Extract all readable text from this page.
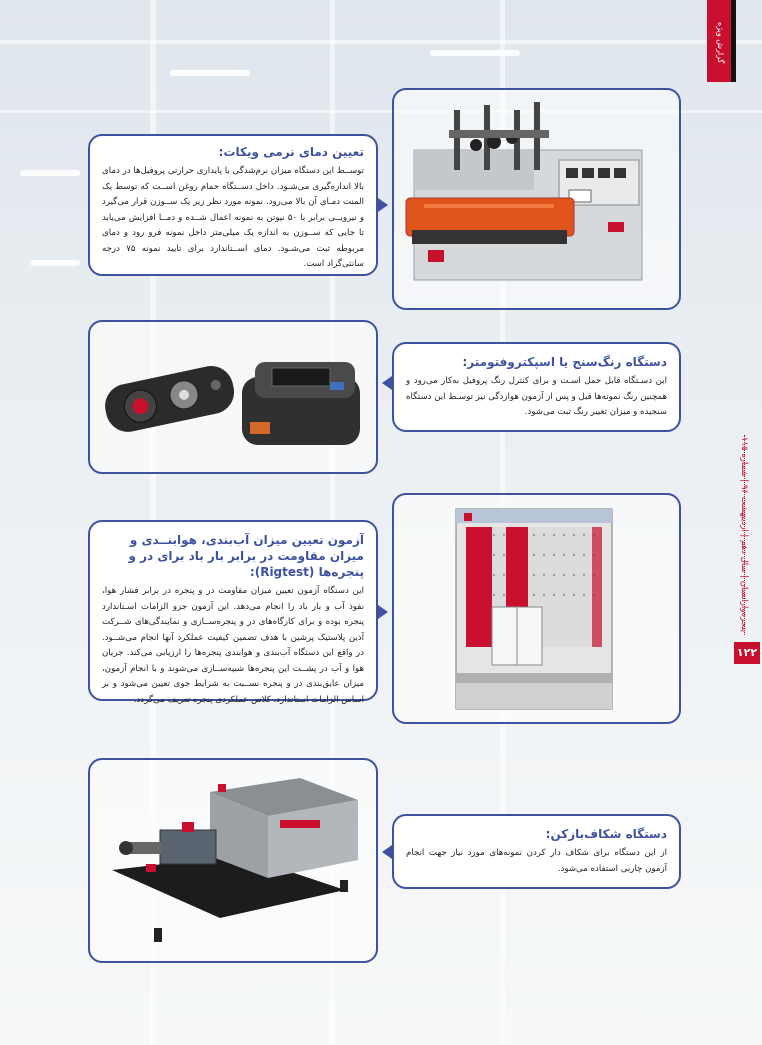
گزارش ویژه
پنجره‌وارانسان | سال دهم | اردیبهشت ۹۶ | شماره ۱۱۵
۱۲۲
تعیین دمای نرمی ویکات:
توســط این دستگاه میزان نرم‌شدگی یا پایداری حرارتی پروفیل‌ها در دمای بالا اندازه‌گیری می‌شـود. داخل دســتگاه حمام روغن اســت که توسط یک المنت دمـای آن بالا می‌رود. نمونه مورد نظر زیر یک ســوزن قرار می‌گیرد و نیرویــی برابر با ۵۰ نیوتن به نمونه اعمال شــده و دمــا افزایش می‌یابد تا جایی که ســوزن به اندازه یک میلی‌متر داخل نمونه فرو رود و دمای مربوطه ثبت می‌شـود. دمای اســتاندارد برای تایید نمونه ۷۵ درجه سانتی‌گراد است.
دستگاه رنگ‌سنج یا اسپکتروفتومتر:
این دسـتگاه قابل حمل اسـت و برای کنترل رنگ پروفیل به‌کار می‌رود و همچنین رنگ نمونه‌ها قبل و پس از آزمون هوازدگی نیز توسـط این دستگاه سنجیده و میزان تغییر رنگ ثبت می‌شود.
آزمون تعیین میزان آب‌بندی، هوابنــدی و میزان مقاومت در برابر بار باد برای در و پنجره‌ها (Rigtest):
این دستگاه آزمون تعیین میزان مقاومت در و پنجره در برابر فشار هوا، نفوذ آب و بار باد را انجام می‌دهد. این آزمون جزو الزامات اسـتاندارد پنجره بوده و برای کارگاه‌های در و پنجره‌ســازی و نمایندگی‌های شــرکت آذین پلاستیک پرشین با هدف تضمین کیفیت عملکرد آنها انجام می‌شــود. در واقع این دستگاه آب‌بندی و هوابندی پنجره‌ها را ارزیابی می‌کند. جریان هوا و آب در پشــت این پنجره‌ها شبیه‌ســازی می‌شوند و با انجام آزمون، میزان عایق‌بندی در و پنجره نســبت به شرایط جوی تعیین می‌شود و بر اساس الزامات استاندارد، کلاس عملکردی پنجره تعریف می‌گردد.
دستگاه شکاف‌بازکن:
از این دستگاه برای شکاف دار کردن نمونه‌های مورد نیاز جهت انجام آزمون چاربی استفاده می‌شود.
